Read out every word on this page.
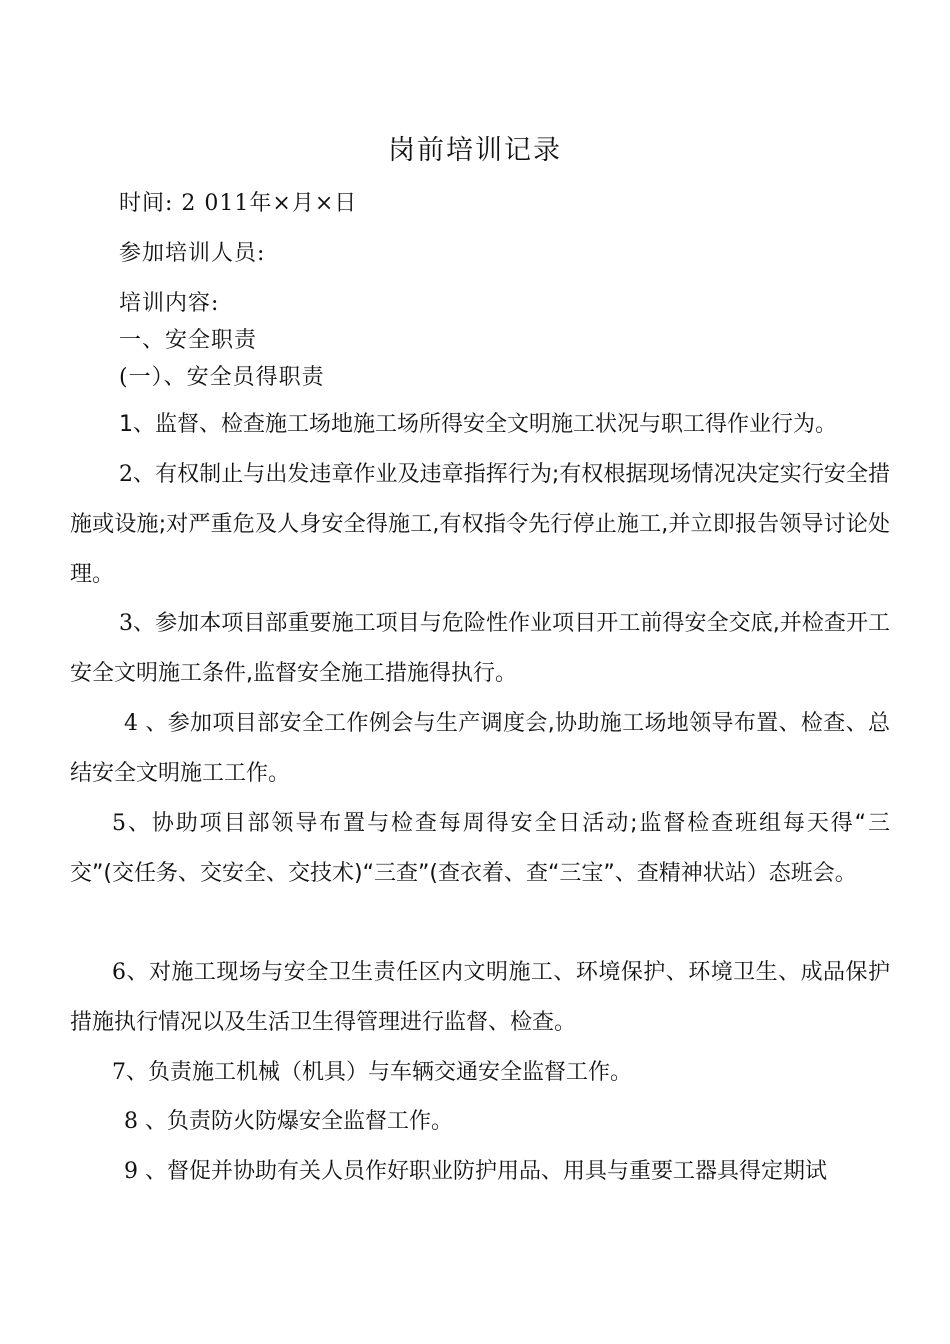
岗前培训记录
时间: 2 011年×月×日
参加培训人员:
培训内容:
一、安全职责
(一）、安全员得职责
1、监督、检查施工场地施工场所得安全文明施工状况与职工得作业行为。
2、有权制止与出发违章作业及违章指挥行为;有权根据现场情况决定实行安全措施或设施;对严重危及人身安全得施工,有权指令先行停止施工,并立即报告领导讨论处理。
3、参加本项目部重要施工项目与危险性作业项目开工前得安全交底,并检查开工安全文明施工条件,监督安全施工措施得执行。
4 、参加项目部安全工作例会与生产调度会,协助施工场地领导布置、检查、总结安全文明施工工作。
5、协助项目部领导布置与检查每周得安全日活动;监督检查班组每天得“三交”(交任务、交安全、交技术)“三查”(查衣着、查“三宝”、查精神状站）态班会。
6、对施工现场与安全卫生责任区内文明施工、环境保护、环境卫生、成品保护措施执行情况以及生活卫生得管理进行监督、检查。
7、负责施工机械（机具）与车辆交通安全监督工作。
8 、负责防火防爆安全监督工作。
9 、督促并协助有关人员作好职业防护用品、用具与重要工器具得定期试
